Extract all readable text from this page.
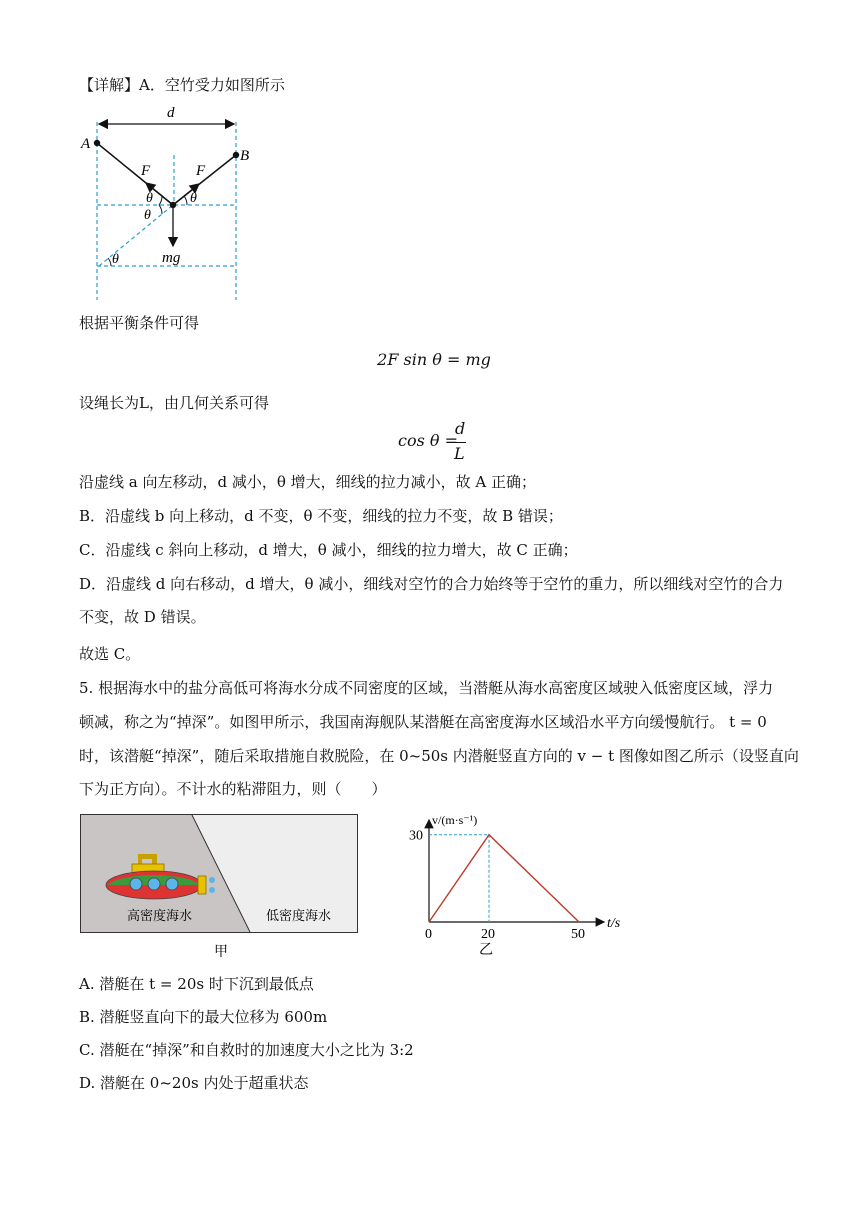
【详解】A．空竹受力如图所示
d
A
B
F	F
θ
θ
θ
θ	mg
根据平衡条件可得
2F sin θ = mg
设绳长为L，由几何关系可得
cos θ =
d
L
沿虚线 a 向左移动，d 减小，θ 增大，细线的拉力减小，故 A 正确；
B．沿虚线 b 向上移动，d 不变，θ 不变，细线的拉力不变，故 B 错误；
C．沿虚线 c 斜向上移动，d 增大，θ 减小，细线的拉力增大，故 C 正确；
D．沿虚线 d 向右移动，d 增大，θ 减小，细线对空竹的合力始终等于空竹的重力，所以细线对空竹的合力
不变，故 D 错误。
故选 C。
5. 根据海水中的盐分高低可将海水分成不同密度的区域，当潜艇从海水高密度区域驶入低密度区域，浮力
顿减，称之为“掉深”。如图甲所示，我国南海舰队某潜艇在高密度海水区域沿水平方向缓慢航行。 t = 0
时，该潜艇“掉深”，随后采取措施自救脱险，在 0~50s 内潜艇竖直方向的 v − t 图像如图乙所示（设竖直向
下为正方向）。不计水的粘滞阻力，则（　　）
高密度海水	低密度海水
甲
0	20	50
30
t/s
v/(m·s⁻¹)
乙
A. 潜艇在 t = 20s 时下沉到最低点
B. 潜艇竖直向下的最大位移为 600m
C. 潜艇在“掉深”和自救时的加速度大小之比为 3:2
D. 潜艇在 0~20s 内处于超重状态
